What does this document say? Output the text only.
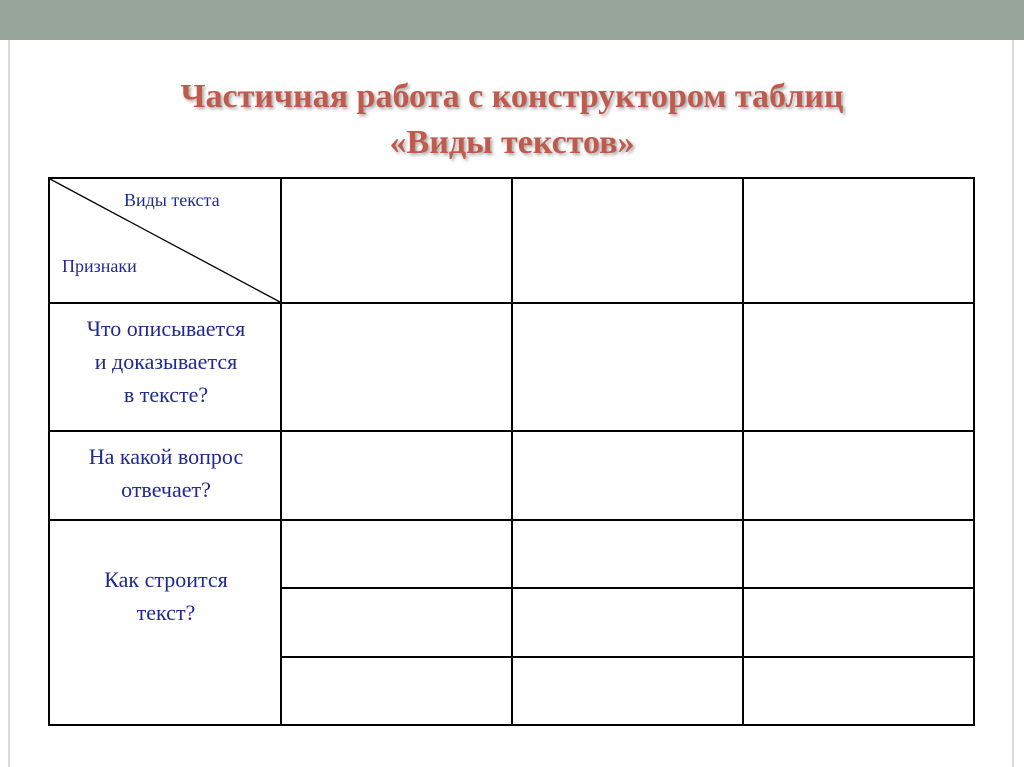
Частичная работа с конструктором таблиц
«Виды текстов»
Виды текста
Признаки
Что описывается
и доказывается
в тексте?
На какой вопрос
отвечает?
Как строится
текст?
